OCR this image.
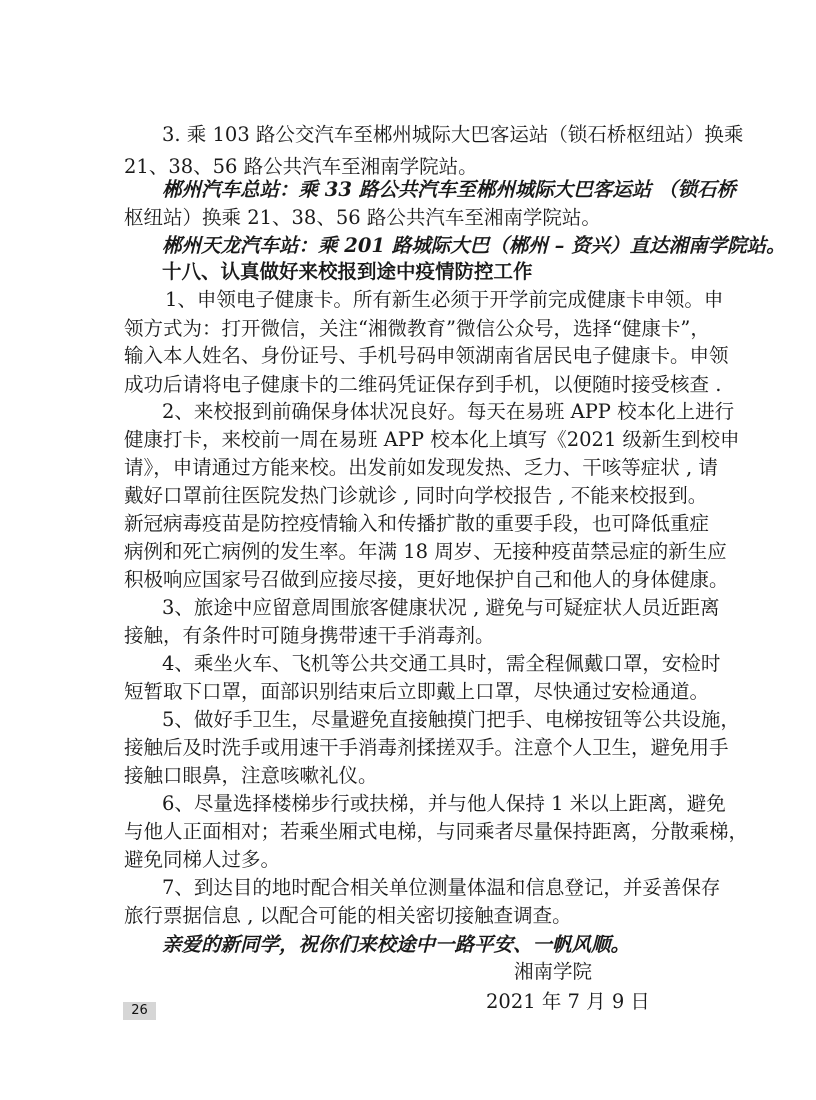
3. 乘 103 路公交汽车至郴州城际大巴客运站（锁石桥枢纽站）换乘
21、38、56 路公共汽车至湘南学院站。
郴州汽车总站：乘 33 路公共汽车至郴州城际大巴客运站 （锁石桥
枢纽站）换乘 21、38、56 路公共汽车至湘南学院站。
郴州天龙汽车站：乘 201 路城际大巴（郴州 – 资兴）直达湘南学院站。
十八、认真做好来校报到途中疫情防控工作
1、申领电子健康卡。所有新生必须于开学前完成健康卡申领。申
领方式为：打开微信，关注“湘微教育”微信公众号，选择“健康卡”，
输入本人姓名、身份证号、手机号码申领湖南省居民电子健康卡。申领
成功后请将电子健康卡的二维码凭证保存到手机，以便随时接受核查 .
2、来校报到前确保身体状况良好。每天在易班 APP 校本化上进行
健康打卡，来校前一周在易班 APP 校本化上填写《2021 级新生到校申
请》，申请通过方能来校。出发前如发现发热、乏力、干咳等症状 , 请
戴好口罩前往医院发热门诊就诊 , 同时向学校报告 , 不能来校报到。
新冠病毒疫苗是防控疫情输入和传播扩散的重要手段，也可降低重症
病例和死亡病例的发生率。年满 18 周岁、无接种疫苗禁忌症的新生应
积极响应国家号召做到应接尽接，更好地保护自己和他人的身体健康。
3、旅途中应留意周围旅客健康状况 , 避免与可疑症状人员近距离
接触，有条件时可随身携带速干手消毒剂。
4、乘坐火车、飞机等公共交通工具时，需全程佩戴口罩，安检时
短暂取下口罩，面部识别结束后立即戴上口罩，尽快通过安检通道。
5、做好手卫生，尽量避免直接触摸门把手、电梯按钮等公共设施，
接触后及时洗手或用速干手消毒剂揉搓双手。注意个人卫生，避免用手
接触口眼鼻，注意咳嗽礼仪。
6、尽量选择楼梯步行或扶梯，并与他人保持 1 米以上距离，避免
与他人正面相对；若乘坐厢式电梯，与同乘者尽量保持距离，分散乘梯，
避免同梯人过多。
7、到达目的地时配合相关单位测量体温和信息登记，并妥善保存
旅行票据信息 , 以配合可能的相关密切接触查调查。
亲爱的新同学，祝你们来校途中一路平安、一帆风顺。
湘南学院
2021 年 7 月 9 日
26
